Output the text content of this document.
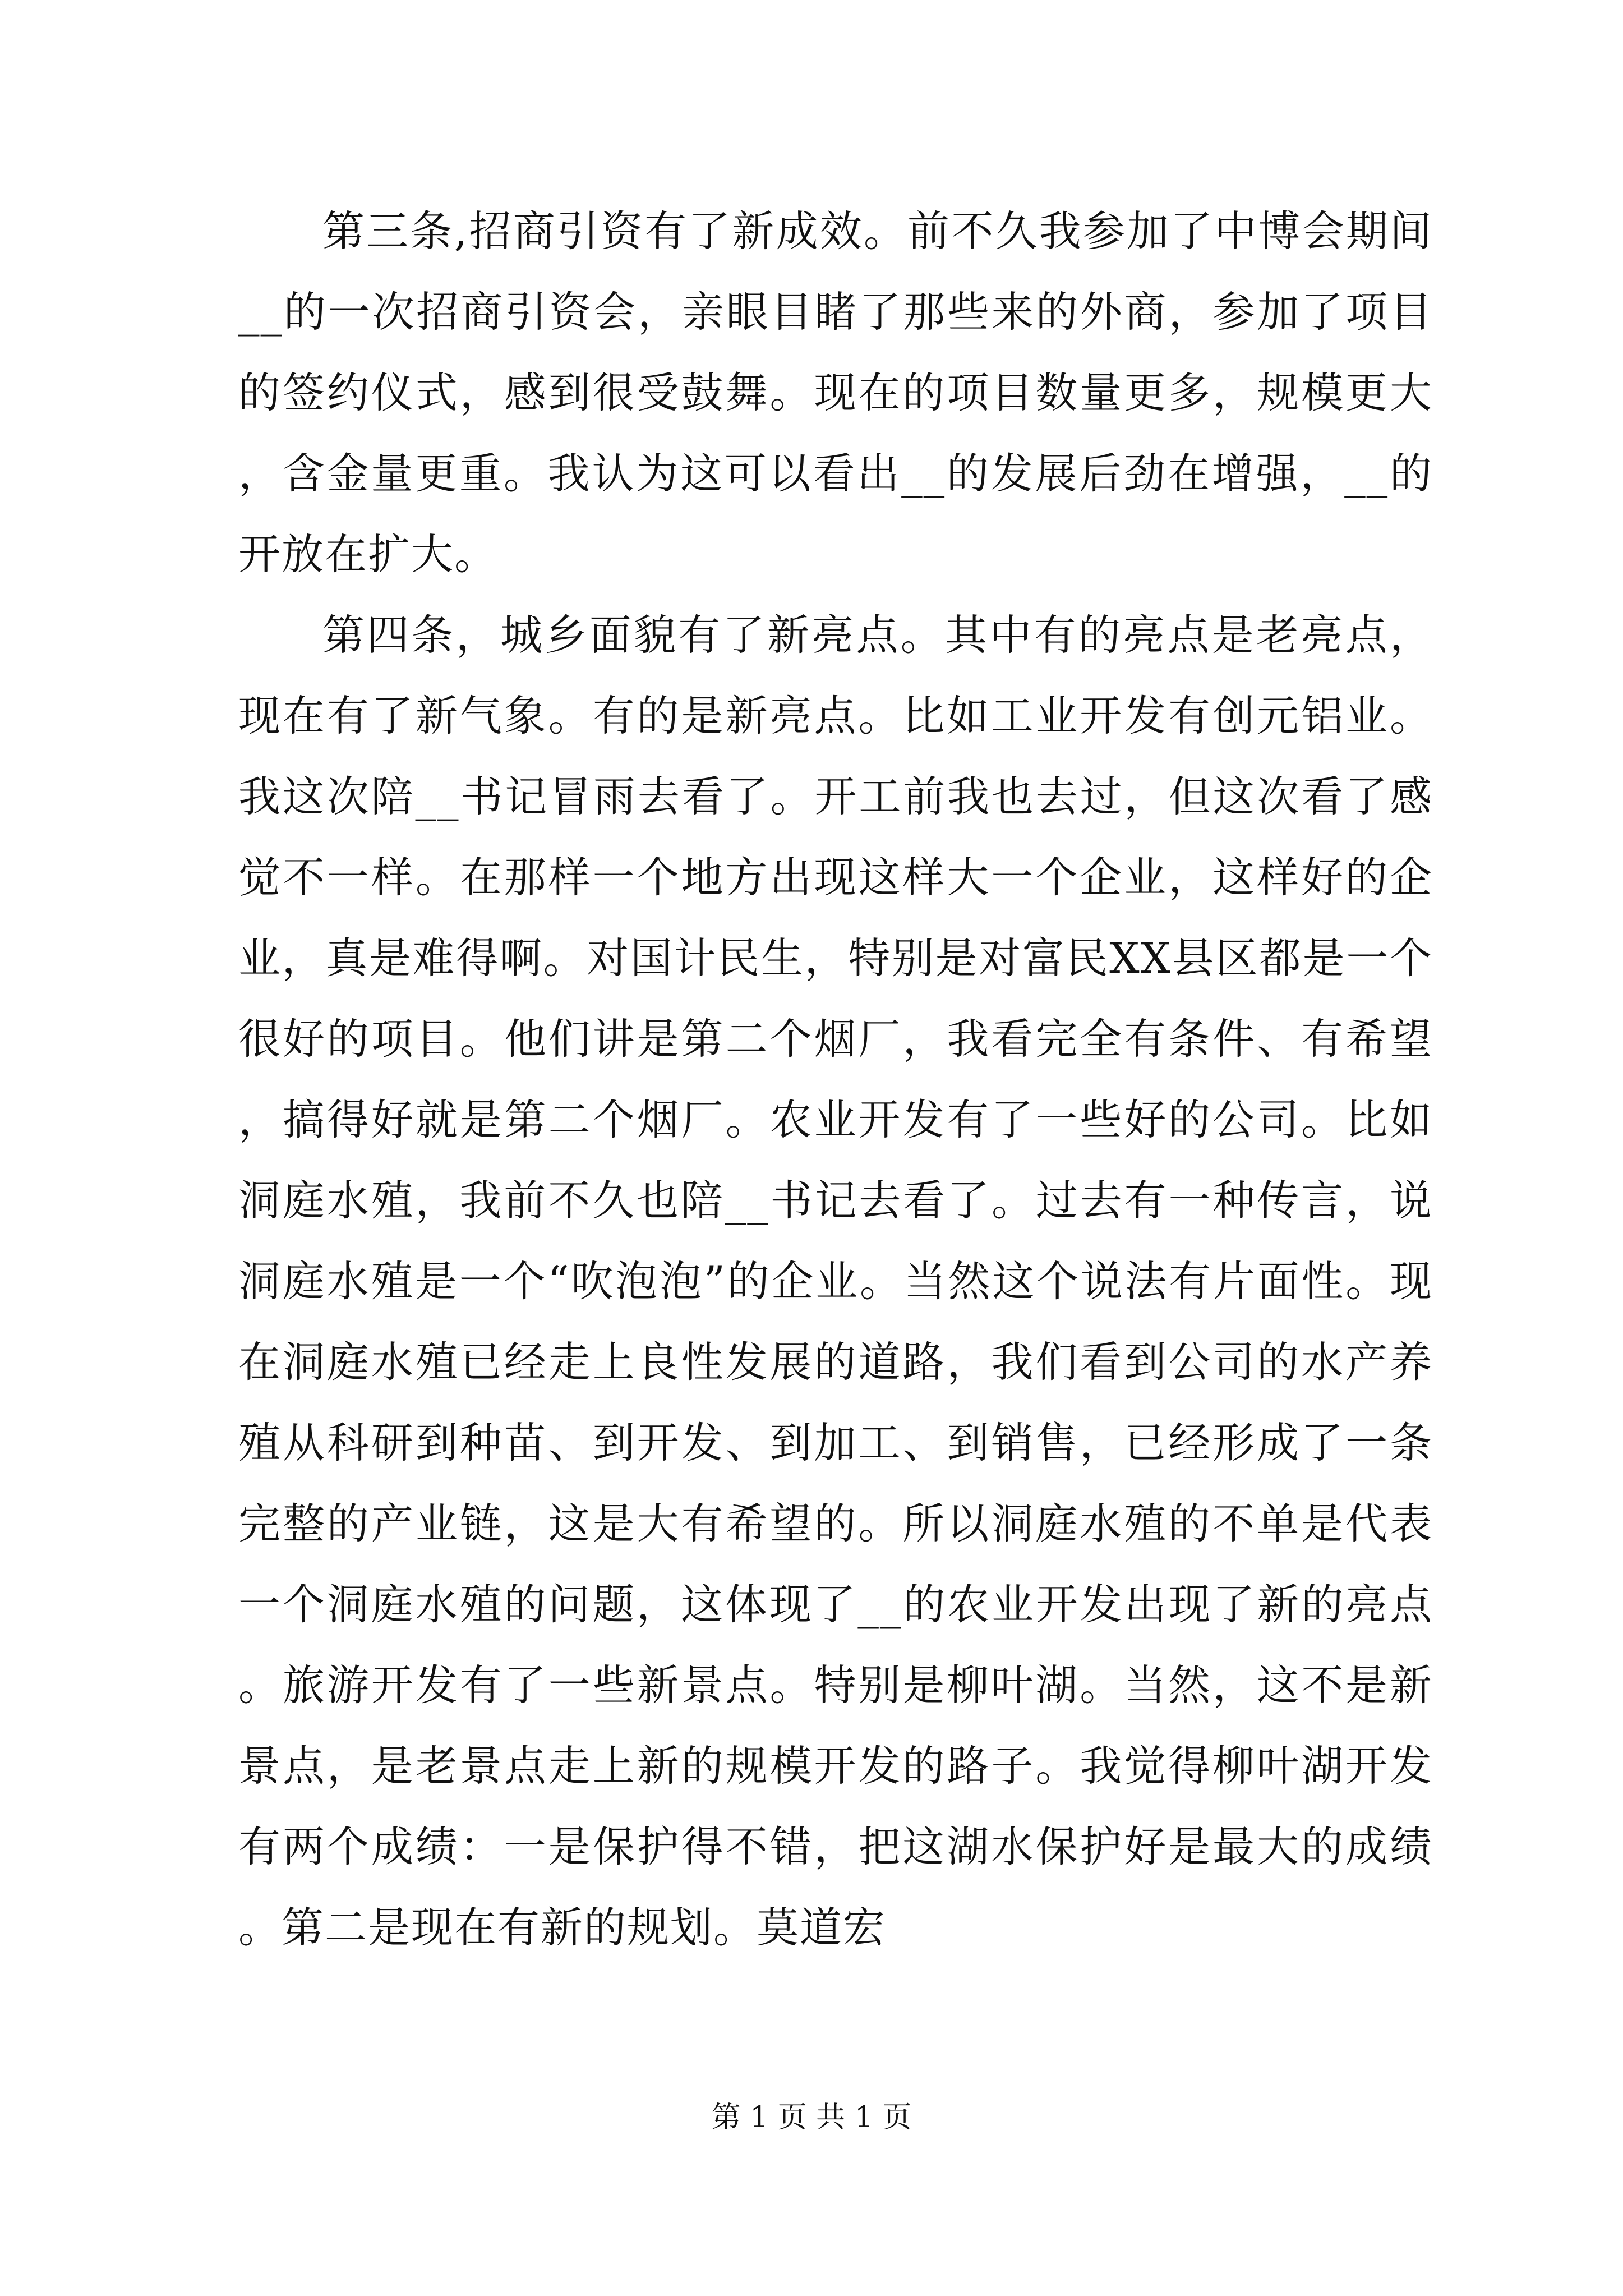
第三条,招商引资有了新成效。前不久我参加了中博会期间__的一次招商引资会，亲眼目睹了那些来的外商，参加了项目的签约仪式，感到很受鼓舞。现在的项目数量更多，规模更大，含金量更重。我认为这可以看出__的发展后劲在增强，__的开放在扩大。

第四条，城乡面貌有了新亮点。其中有的亮点是老亮点，现在有了新气象。有的是新亮点。比如工业开发有创元铝业。我这次陪__书记冒雨去看了。开工前我也去过，但这次看了感觉不一样。在那样一个地方出现这样大一个企业，这样好的企业，真是难得啊。对国计民生，特别是对富民XX县区都是一个很好的项目。他们讲是第二个烟厂，我看完全有条件、有希望，搞得好就是第二个烟厂。农业开发有了一些好的公司。比如洞庭水殖，我前不久也陪__书记去看了。过去有一种传言，说洞庭水殖是一个“吹泡泡”的企业。当然这个说法有片面性。现在洞庭水殖已经走上良性发展的道路，我们看到公司的水产养殖从科研到种苗、到开发、到加工、到销售，已经形成了一条完整的产业链，这是大有希望的。所以洞庭水殖的不单是代表一个洞庭水殖的问题，这体现了__的农业开发出现了新的亮点。旅游开发有了一些新景点。特别是柳叶湖。当然，这不是新景点，是老景点走上新的规模开发的路子。我觉得柳叶湖开发有两个成绩：一是保护得不错，把这湖水保护好是最大的成绩。第二是现在有新的规划。莫道宏

第 1 页 共 1 页
